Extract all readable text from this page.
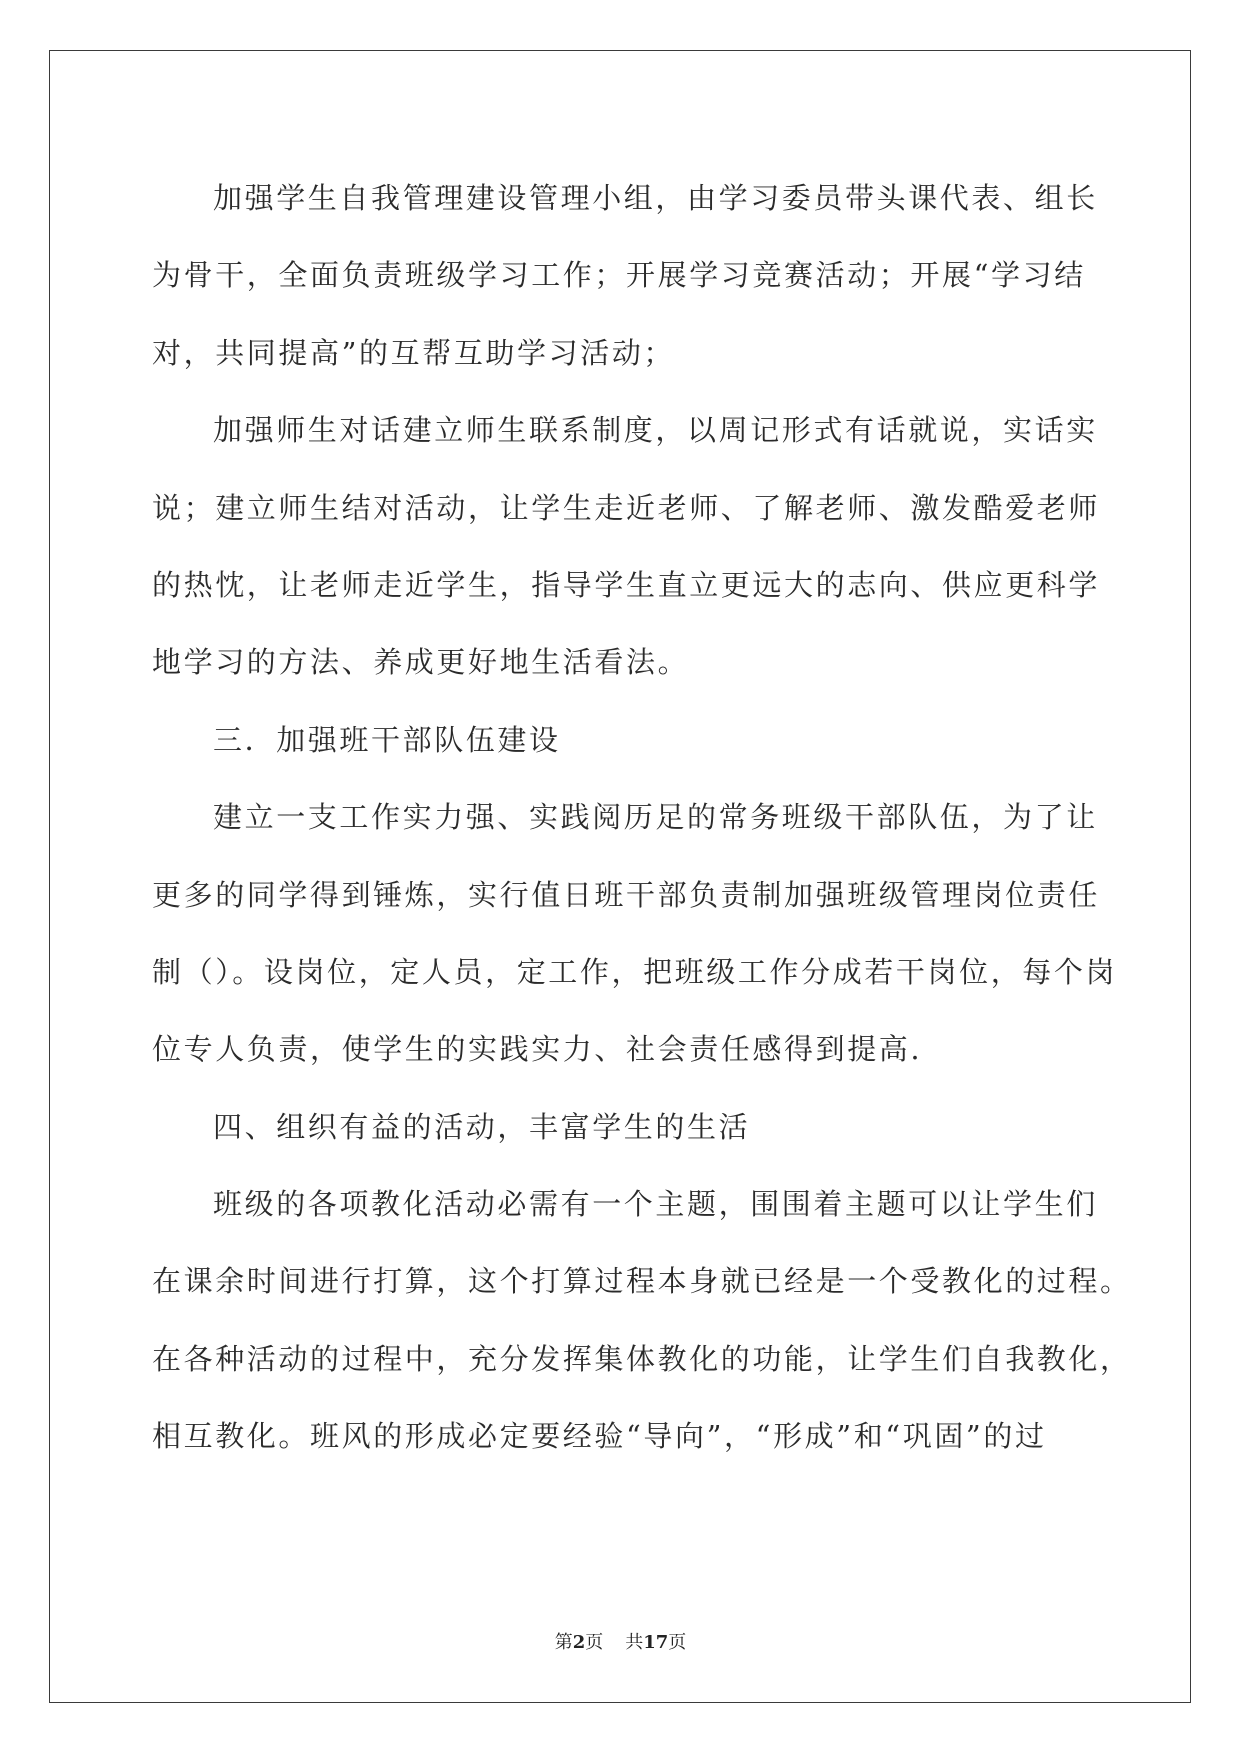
加强学生自我管理建设管理小组，由学习委员带头课代表、组长
为骨干，全面负责班级学习工作；开展学习竞赛活动；开展“学习结
对，共同提高”的互帮互助学习活动；
加强师生对话建立师生联系制度，以周记形式有话就说，实话实
说；建立师生结对活动，让学生走近老师、了解老师、激发酷爱老师
的热忱，让老师走近学生，指导学生直立更远大的志向、供应更科学
地学习的方法、养成更好地生活看法。
三．加强班干部队伍建设
建立一支工作实力强、实践阅历足的常务班级干部队伍，为了让
更多的同学得到锤炼，实行值日班干部负责制加强班级管理岗位责任
制（）。设岗位，定人员，定工作，把班级工作分成若干岗位，每个岗
位专人负责，使学生的实践实力、社会责任感得到提高.
四、组织有益的活动，丰富学生的生活
班级的各项教化活动必需有一个主题，围围着主题可以让学生们
在课余时间进行打算，这个打算过程本身就已经是一个受教化的过程。
在各种活动的过程中，充分发挥集体教化的功能，让学生们自我教化，
相互教化。班风的形成必定要经验“导向”，“形成”和“巩固”的过
第2页 共17页
